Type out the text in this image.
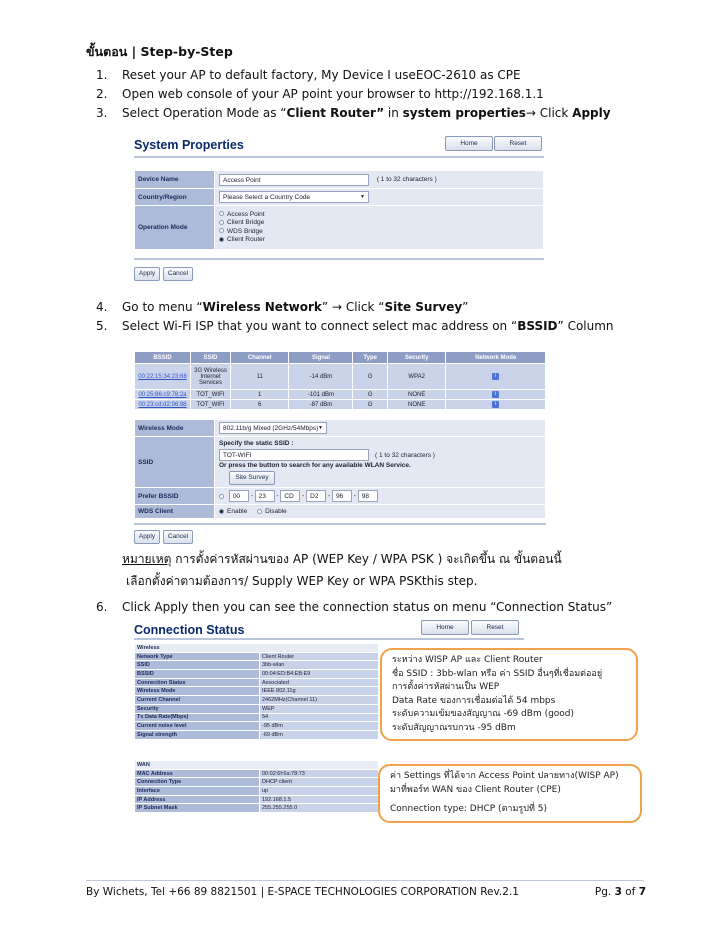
ขั้นตอน | Step-by-Step
1.	Reset your AP to default factory, My Device I useEOC-2610 as CPE
2.	Open web console of your AP point your browser to http://192.168.1.1
3.	Select Operation Mode as “Client Router” in system properties→ Click Apply
System Properties	Home	Reset
Device Name	Access Point ( 1 to 32 characters )
Country/Region	Please Select a Country Code ▼

Operation Mode	Access Point
Client Bridge
WDS Bridge
Client Router
Apply	Cancel
4.	Go to menu “Wireless Network” → Click “Site Survey”
5.	Select Wi-Fi ISP that you want to connect select mac address on “BSSID” Column
BSSID	SSID	Channel	Signal	Type	Security	Network Mode
00:22:15:34:23:68	3G Wireless Internet Services	11	-14 dBm	G	WPA2	i
00:25:86:c9:78:2a	TOT_WIFI	1	-101 dBm	G	NONE	i
00:23:cd:d2:96:98	TOT_WIFI	6	-87 dBm	G	NONE	i
Wireless Mode	802.11b/g Mixed (2GHz/54Mbps) ▼

SSID	Specify the static SSID :
TOT-WIFI ( 1 to 32 characters )
Or press the button to search for any available WLAN Service.
Site Survey
Prefer BSSID	00 - 23 - CD - D2 - 96 - 98
WDS Client	Enable Disable
Apply	Cancel
หมายเหตุ การตั้งค่ารหัสผ่านของ AP (WEP Key / WPA PSK ) จะเกิดขึ้น ณ ขั้นตอนนี้
เลือกตั้งค่าตามต้องการ/ Supply WEP Key or WPA PSKthis step.
6.	Click Apply then you can see the connection status on menu “Connection Status”
Connection Status	Home	Reset
Wireless	
Network Type	Client Router
SSID	3bb-wlan
BSSID	00:04:ED:B4:EB:E9
Connection Status	Associated
Wireless Mode	IEEE 802.11g
Current Channel	2462MHz(Channel 11)
Security	WEP
Tx Data Rate(Mbps)	54
Current noise level	-95 dBm
Signal strength	-69 dBm
WAN	
MAC Address	00:02:6f:6a:78:73
Connection Type	DHCP client
Interface	up
IP Address	192.168.1.5
IP Subnet Mask	255.255.255.0
ระหว่าง WISP AP และ Client Router
ชื่อ SSID : 3bb-wlan หรือ ค่า SSID อื่นๆที่เชื่อมต่ออยู่
การตั้งค่ารหัสผ่านเป็น WEP
Data Rate ของการเชื่อมต่อได้ 54 mbps
ระดับความเข้มของสัญญาณ -69 dBm (good)
ระดับสัญญาณรบกวน -95 dBm
ค่า Settings ที่ได้จาก Access Point ปลายทาง(WISP AP)
มาที่พอร์ท WAN ของ Client Router (CPE)
Connection type: DHCP (ตามรูปที่ 5)
By Wichets, Tel +66 89 8821501 | E-SPACE TECHNOLOGIES CORPORATION Rev.2.1	Pg. 3 of 7
